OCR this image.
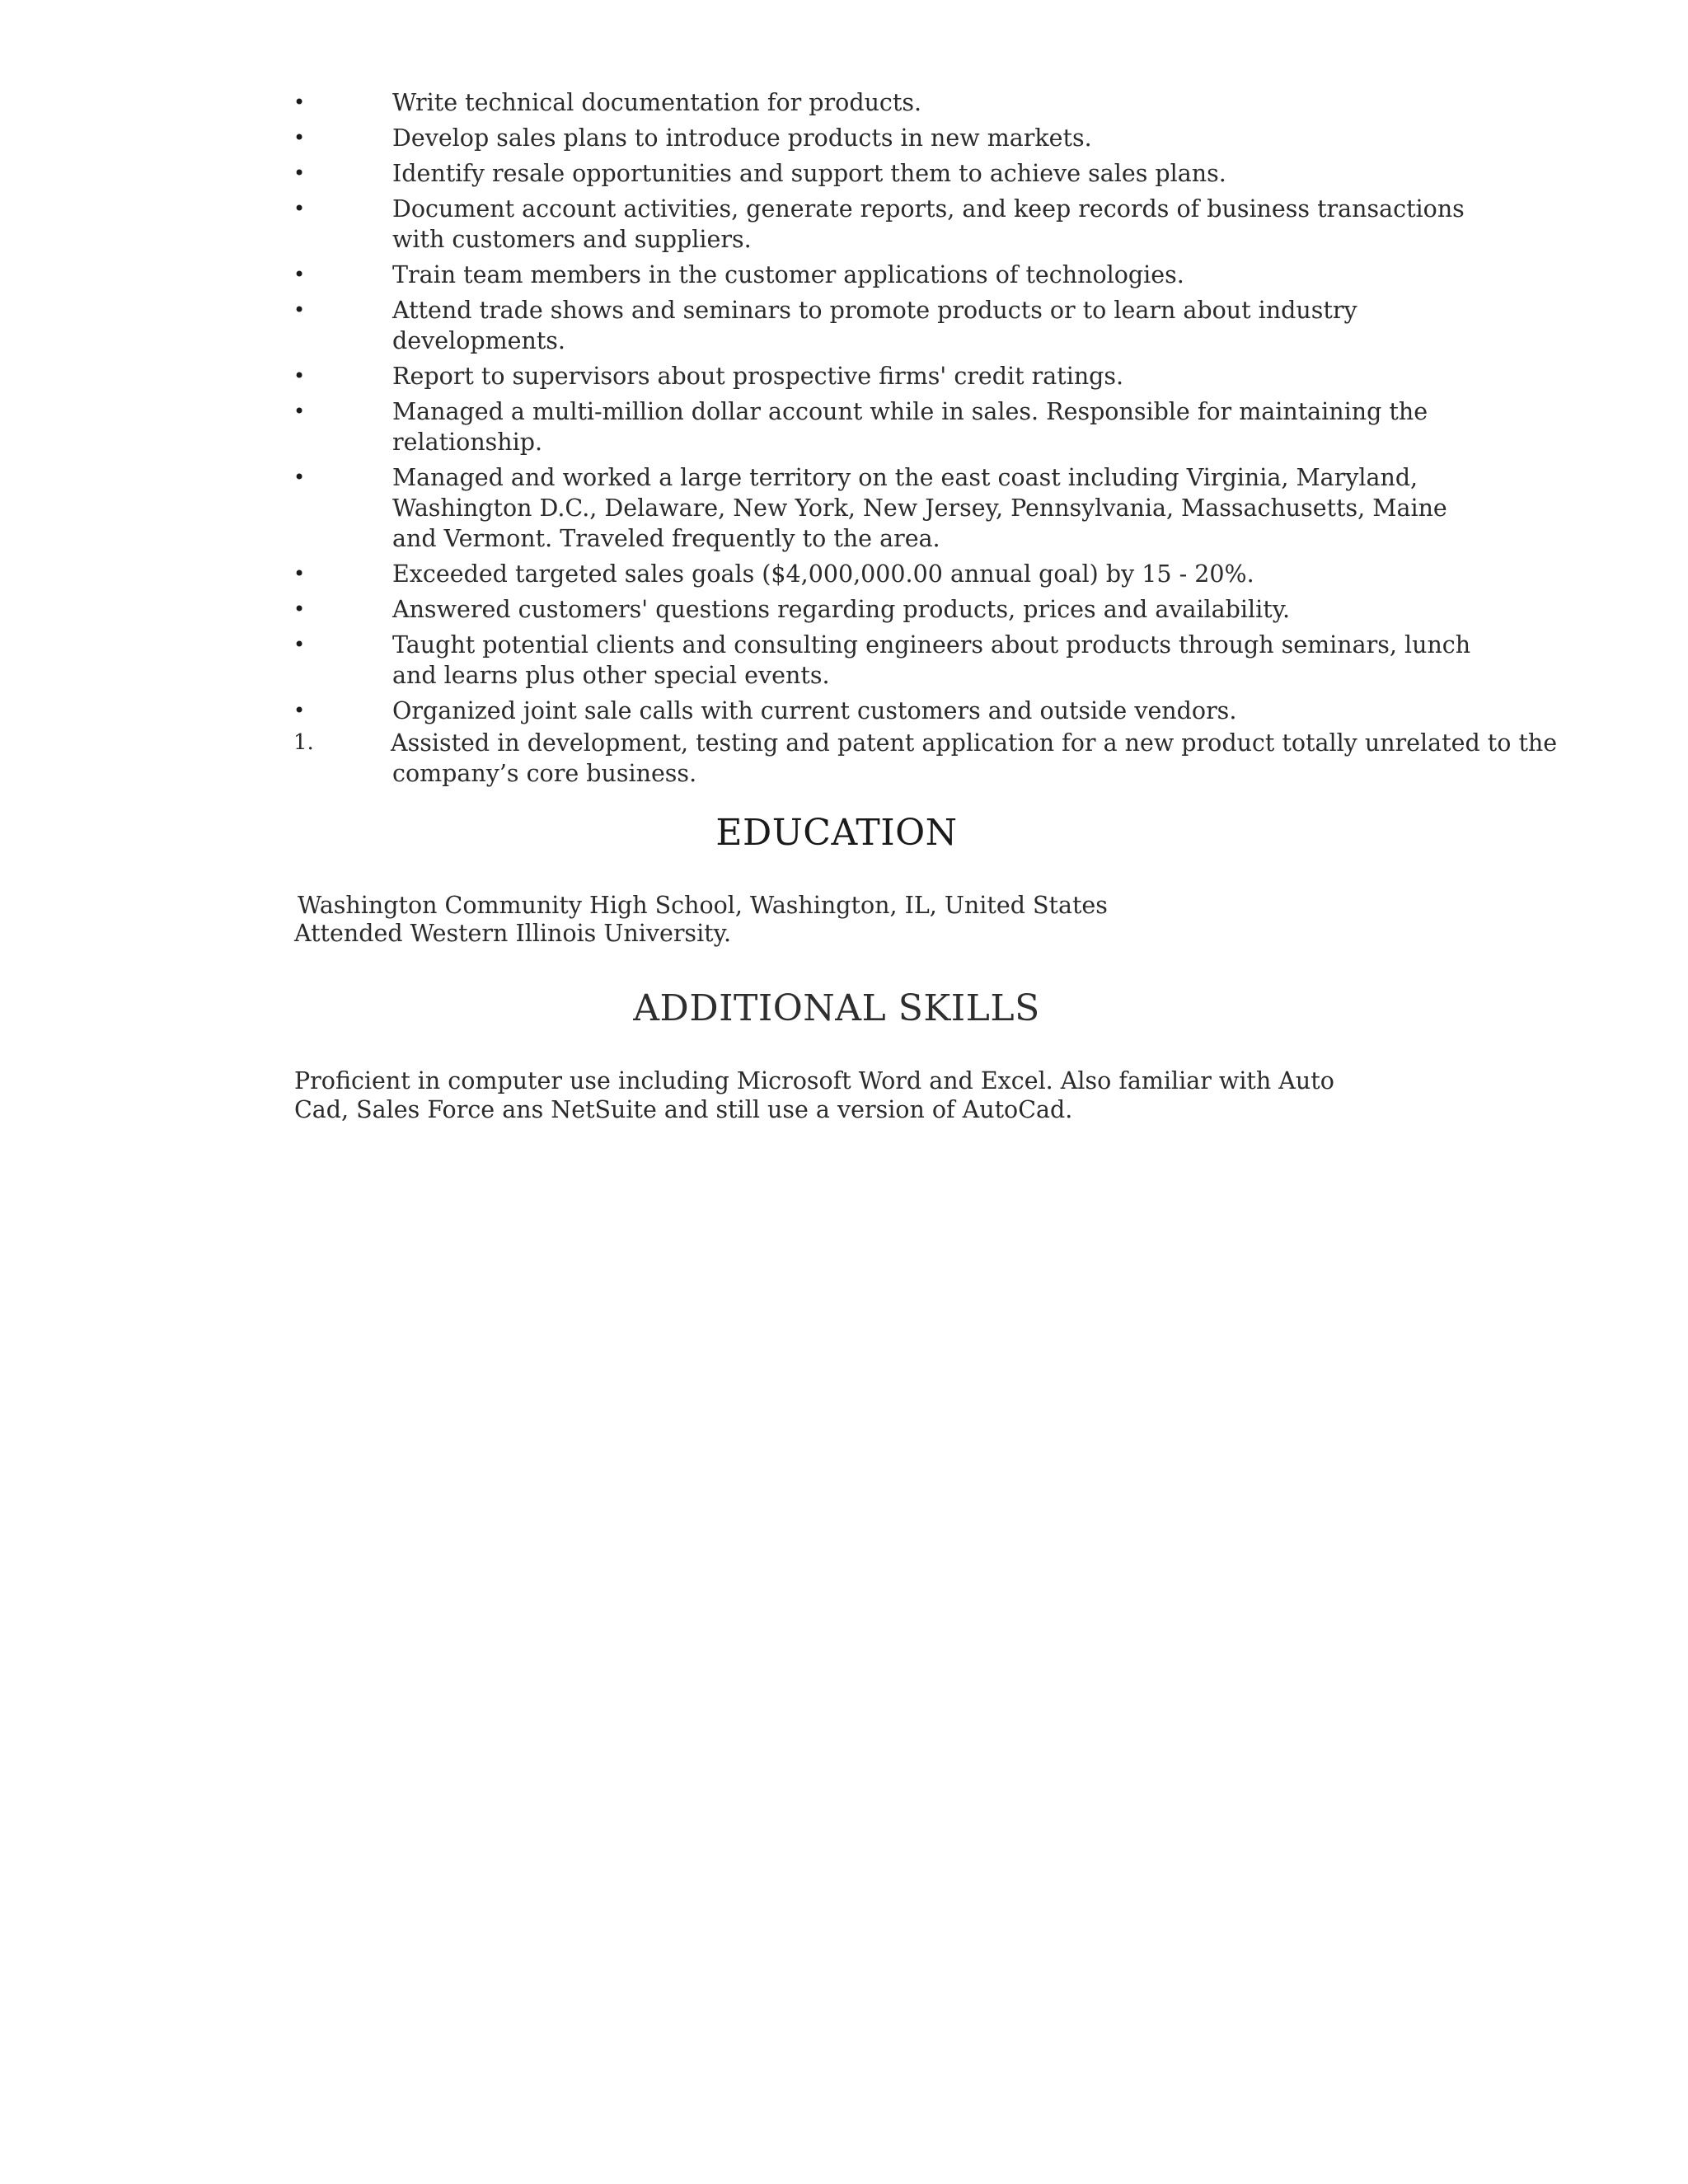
•	Write technical documentation for products.
•	Develop sales plans to introduce products in new markets.
•	Identify resale opportunities and support them to achieve sales plans.
•	Document account activities, generate reports, and keep records of business transactions with customers and suppliers.
•	Train team members in the customer applications of technologies.
•	Attend trade shows and seminars to promote products or to learn about industry developments.
•	Report to supervisors about prospective firms' credit ratings.
•	Managed a multi-million dollar account while in sales. Responsible for maintaining the relationship.
•	Managed and worked a large territory on the east coast including Virginia, Maryland, Washington D.C., Delaware, New York, New Jersey, Pennsylvania, Massachusetts, Maine and Vermont. Traveled frequently to the area.
•	Exceeded targeted sales goals ($4,000,000.00 annual goal) by 15 - 20%.
•	Answered customers' questions regarding products, prices and availability.
•	Taught potential clients and consulting engineers about products through seminars, lunch and learns plus other special events.
•	Organized joint sale calls with current customers and outside vendors.
1.	Assisted in development, testing and patent application for a new product totally unrelated to the
company’s core business.
EDUCATION
Washington Community High School, Washington, IL, United States
Attended Western Illinois University.
ADDITIONAL SKILLS
Proficient in computer use including Microsoft Word and Excel. Also familiar with Auto Cad, Sales Force ans NetSuite and still use a version of AutoCad.
